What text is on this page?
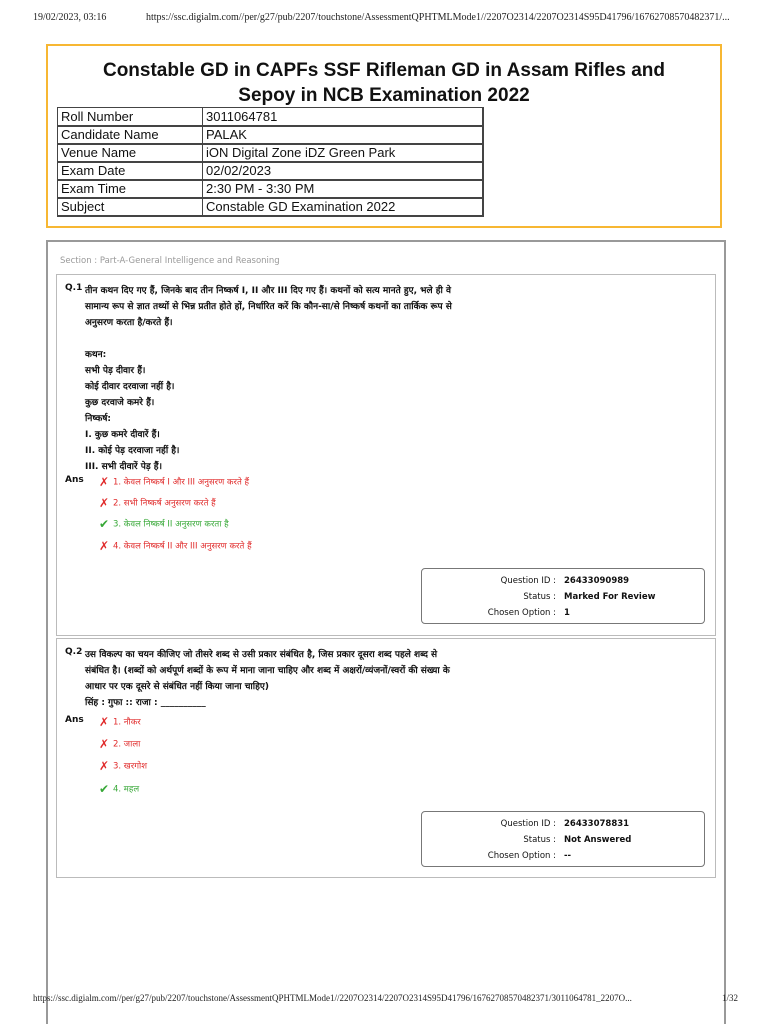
19/02/2023, 03:16	https://ssc.digialm.com//per/g27/pub/2207/touchstone/AssessmentQPHTMLMode1//2207O2314/2207O2314S95D41796/16762708570482371/...
Constable GD in CAPFs SSF Rifleman GD in Assam Rifles and
Sepoy in NCB Examination 2022
Roll Number	3011064781
Candidate Name	PALAK
Venue Name	iON Digital Zone iDZ Green Park
Exam Date	02/02/2023
Exam Time	2:30 PM - 3:30 PM
Subject	Constable GD Examination 2022
Section : Part-A-General Intelligence and Reasoning
Q.1 तीन कथन दिए गए हैं, जिनके बाद तीन निष्कर्ष I, II और III दिए गए हैं। कथनों को सत्य मानते हुए, भले ही वे
सामान्य रूप से ज्ञात तथ्यों से भिन्न प्रतीत होते हों, निर्धारित करें कि कौन-सा/से निष्कर्ष कथनों का तार्किक रूप से
अनुसरण करता है/करते हैं।
कथन:
सभी पेड़ दीवार हैं।
कोई दीवार दरवाजा नहीं है।
कुछ दरवाजे कमरे हैं।
निष्कर्ष:
I. कुछ कमरे दीवारें हैं।
II. कोई पेड़ दरवाजा नहीं है।
III. सभी दीवारें पेड़ हैं।
Ans ✗ 1. केवल निष्कर्ष I और III अनुसरण करते हैं
✗ 2. सभी निष्कर्ष अनुसरण करते हैं
✔ 3. केवल निष्कर्ष II अनुसरण करता है
✗ 4. केवल निष्कर्ष II और III अनुसरण करते हैं
Question ID : 26433090989
Status : Marked For Review
Chosen Option : 1
Q.2 उस विकल्प का चयन कीजिए जो तीसरे शब्द से उसी प्रकार संबंधित है, जिस प्रकार दूसरा शब्द पहले शब्द से
संबंधित है। (शब्दों को अर्थपूर्ण शब्दों के रूप में माना जाना चाहिए और शब्द में अक्षरों/व्यंजनों/स्वरों की संख्या के
आधार पर एक दूसरे से संबंधित नहीं किया जाना चाहिए)
सिंह : गुफा :: राजा : __________
Ans ✗ 1. नौकर
✗ 2. जाला
✗ 3. खरगोश
✔ 4. महल
Question ID : 26433078831
Status : Not Answered
Chosen Option : --
https://ssc.digialm.com//per/g27/pub/2207/touchstone/AssessmentQPHTMLMode1//2207O2314/2207O2314S95D41796/16762708570482371/3011064781_2207O...	1/32
